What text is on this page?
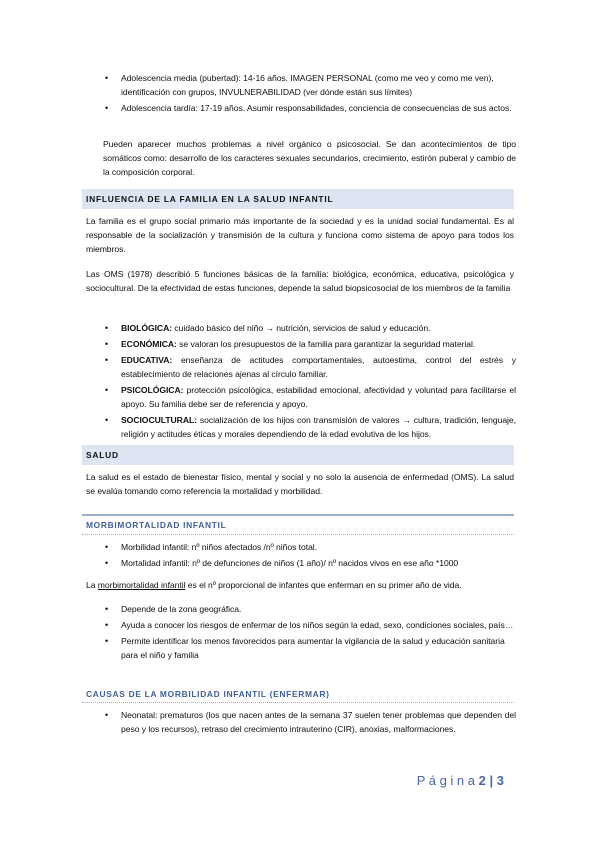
• Adolescencia media (pubertad): 14-16 años. IMAGEN PERSONAL (como me veo y como me ven), identificación con grupos, INVULNERABILIDAD (ver dónde están sus límites)
• Adolescencia tardía: 17-19 años. Asumir responsabilidades, conciencia de consecuencias de sus actos.

Pueden aparecer muchos problemas a nivel orgánico o psicosocial. Se dan acontecimientos de tipo somáticos como: desarrollo de los caracteres sexuales secundarios, crecimiento, estirón puberal y cambio de la composición corporal.

INFLUENCIA DE LA FAMILIA EN LA SALUD INFANTIL

La familia es el grupo social primario más importante de la sociedad y es la unidad social fundamental. Es al responsable de la socialización y transmisión de la cultura y funciona como sistema de apoyo para todos los miembros.

Las OMS (1978) describió 5 funciones básicas de la familia: biológica, económica, educativa, psicológica y sociocultural. De la efectividad de estas funciones, depende la salud biopsicosocial de los miembros de la familia

• BIOLÓGICA: cuidado básico del niño → nutrición, servicios de salud y educación.
• ECONÓMICA: se valoran los presupuestos de la familia para garantizar la seguridad material.
• EDUCATIVA: enseñanza de actitudes comportamentales, autoestima, control del estrés y establecimiento de relaciones ajenas al círculo familiar.
• PSICOLÓGICA: protección psicológica, estabilidad emocional, afectividad y voluntad para facilitarse el apoyo. Su familia debe ser de referencia y apoyo.
• SOCIOCULTURAL: socialización de los hijos con transmisión de valores → cultura, tradición, lenguaje, religión y actitudes éticas y morales dependiendo de la edad evolutiva de los hijos.
SALUD

La salud es el estado de bienestar físico, mental y social y no solo la ausencia de enfermedad (OMS). La salud se evalúa tomando como referencia la mortalidad y morbilidad.

MORBIMORTALIDAD INFANTIL
• Morbilidad infantil: nº niños afectados /nº niños total.
• Mortalidad infantil: nº de defunciones de niños (1 año)/ nº nacidos vivos en ese año *1000

La morbimortalidad infantil es el nº proporcional de infantes que enferman en su primer año de vida.

• Depende de la zona geográfica.
• Ayuda a conocer los riesgos de enfermar de los niños según la edad, sexo, condiciones sociales, país…
• Permite identificar los menos favorecidos para aumentar la vigilancia de la salud y educación sanitaria para el niño y familia
CAUSAS DE LA MORBILIDAD INFANTIL (ENFERMAR)
• Neonatal: prematuros (los que nacen antes de la semana 37 suelen tener problemas que dependen del peso y los recursos), retraso del crecimiento intrauterino (CIR), anoxias, malformaciones.
P á g i n a 2 | 3
